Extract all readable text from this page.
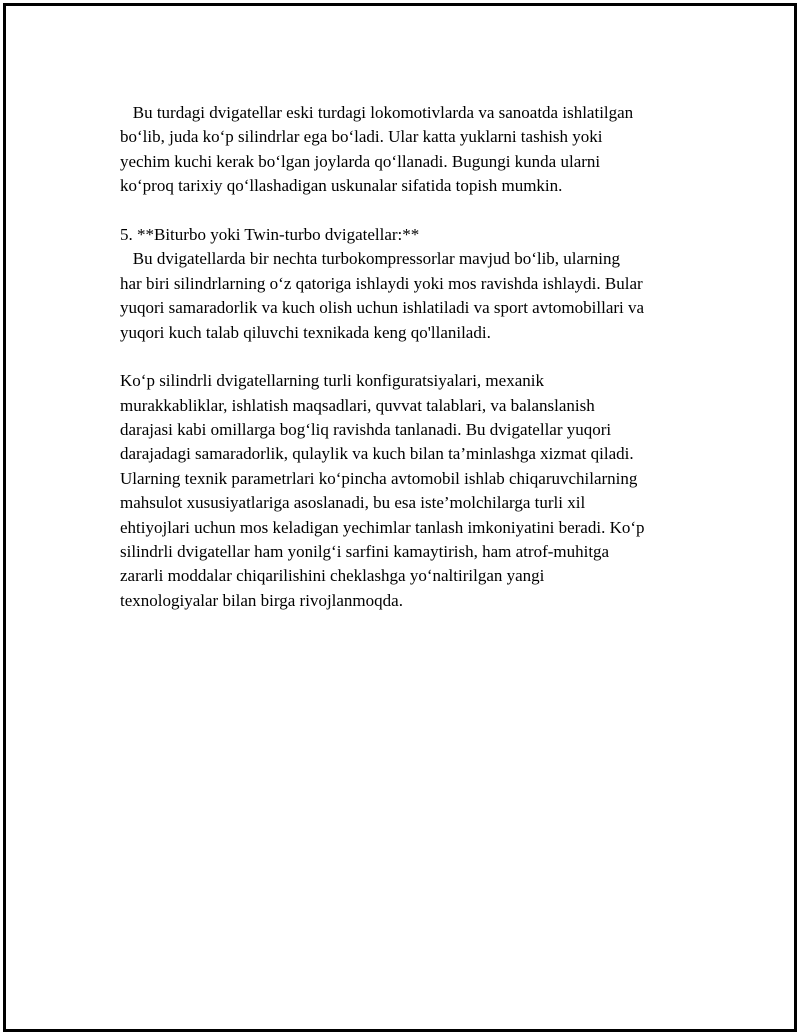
Bu turdagi dvigatellar eski turdagi lokomotivlarda va sanoatda ishlatilgan
bo‘lib, juda ko‘p silindrlar ega bo‘ladi. Ular katta yuklarni tashish yoki
yechim kuchi kerak bo‘lgan joylarda qo‘llanadi. Bugungi kunda ularni
ko‘proq tarixiy qo‘llashadigan uskunalar sifatida topish mumkin.
5. **Biturbo yoki Twin-turbo dvigatellar:**
Bu dvigatellarda bir nechta turbokompressorlar mavjud bo‘lib, ularning
har biri silindrlarning o‘z qatoriga ishlaydi yoki mos ravishda ishlaydi. Bular
yuqori samaradorlik va kuch olish uchun ishlatiladi va sport avtomobillari va
yuqori kuch talab qiluvchi texnikada keng qo'llaniladi.
Ko‘p silindrli dvigatellarning turli konfiguratsiyalari, mexanik
murakkabliklar, ishlatish maqsadlari, quvvat talablari, va balanslanish
darajasi kabi omillarga bog‘liq ravishda tanlanadi. Bu dvigatellar yuqori
darajadagi samaradorlik, qulaylik va kuch bilan ta’minlashga xizmat qiladi.
Ularning texnik parametrlari ko‘pincha avtomobil ishlab chiqaruvchilarning
mahsulot xususiyatlariga asoslanadi, bu esa iste’molchilarga turli xil
ehtiyojlari uchun mos keladigan yechimlar tanlash imkoniyatini beradi. Ko‘p
silindrli dvigatellar ham yonilg‘i sarfini kamaytirish, ham atrof-muhitga
zararli moddalar chiqarilishini cheklashga yo‘naltirilgan yangi
texnologiyalar bilan birga rivojlanmoqda.
